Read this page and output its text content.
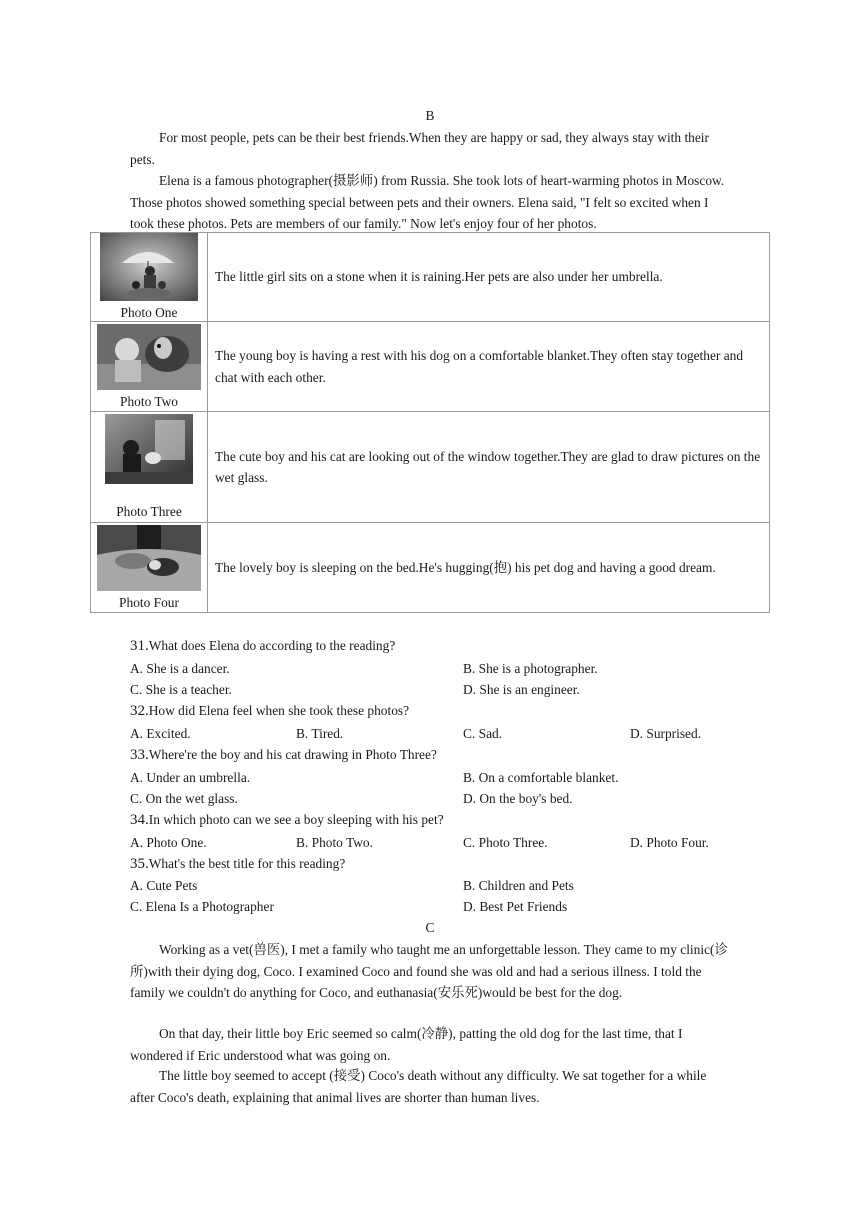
B
For most people, pets can be their best friends.When they are happy or sad, they always stay with their pets.
Elena is a famous photographer(摄影师) from Russia. She took lots of heart-warming photos in Moscow. Those photos showed something special between pets and their owners. Elena said, "I felt so excited when I took these photos. Pets are members of our family." Now let's enjoy four of her photos.
Photo One	The little girl sits on a stone when it is raining.Her pets are also under her umbrella.

Photo Two	The young boy is having a rest with his dog on a comfortable blanket.They often stay together and chat with each other.

Photo Three	The cute boy and his cat are looking out of the window together.They are glad to draw pictures on the wet glass.

Photo Four	The lovely boy is sleeping on the bed.He's hugging(抱) his pet dog and having a good dream.
31.What does Elena do according to the reading?
A. She is a dancer.	B. She is a photographer.
C. She is a teacher.	D. She is an engineer.
32.How did Elena feel when she took these photos?
A. Excited.	B. Tired.	C. Sad.	D. Surprised.
33.Where're the boy and his cat drawing in Photo Three?
A. Under an umbrella.	B. On a comfortable blanket.
C. On the wet glass.	D. On the boy's bed.
34.In which photo can we see a boy sleeping with his pet?
A. Photo One.	B. Photo Two.	C. Photo Three.	D. Photo Four.
35.What's the best title for this reading?
A. Cute Pets	B. Children and Pets
C. Elena Is a Photographer	D. Best Pet Friends
C
Working as a vet(兽医), I met a family who taught me an unforgettable lesson. They came to my clinic(诊所)with their dying dog, Coco. I examined Coco and found she was old and had a serious illness. I told the family we couldn't do anything for Coco, and euthanasia(安乐死)would be best for the dog.
On that day, their little boy Eric seemed so calm(冷静), patting the old dog for the last time, that I wondered if Eric understood what was going on.
The little boy seemed to accept (接受) Coco's death without any difficulty. We sat together for a while after Coco's death, explaining that animal lives are shorter than human lives.
